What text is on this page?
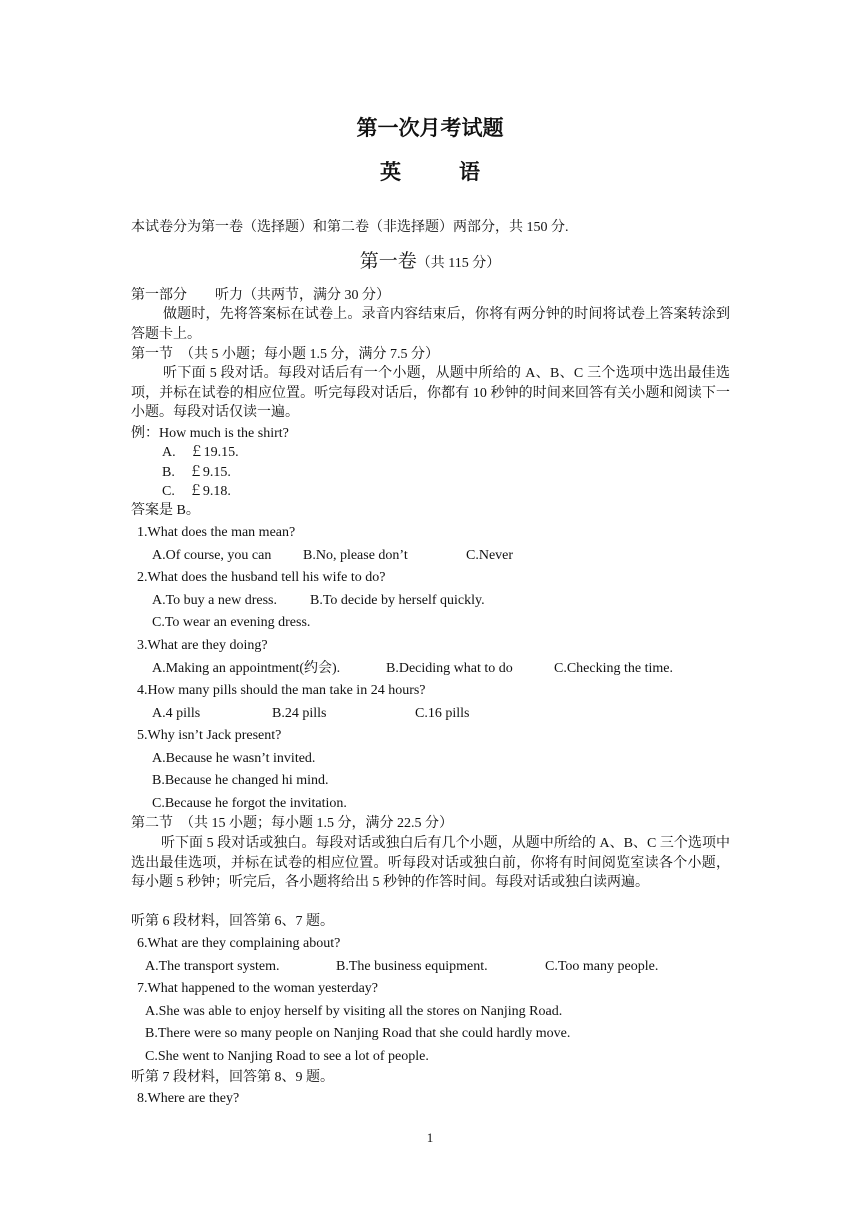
第一次月考试题
英	语
本试卷分为第一卷（选择题）和第二卷（非选择题）两部分，共 150 分.
第一卷（共 115 分）
第一部分　　听力（共两节，满分 30 分）
做题时，先将答案标在试卷上。录音内容结束后，你将有两分钟的时间将试卷上答案转涂到答题卡上。
第一节　（共 5 小题；每小题 1.5 分，满分 7.5 分）
听下面 5 段对话。每段对话后有一个小题，从题中所给的 A、B、C 三个选项中选出最佳选项，并标在试卷的相应位置。听完每段对话后，你都有 10 秒钟的时间来回答有关小题和阅读下一小题。每段对话仅读一遍。
例：How much is the shirt?
A.　￡19.15.
B.　￡9.15.
C.　￡9.18.
答案是 B。
1.What does the man mean?
A.Of course, you can B.No, please don’t	C.Never
2.What does the husband tell his wife to do?
A.To buy a new dress. B.To decide by herself quickly.
C.To wear an evening dress.
3.What are they doing?
A.Making an appointment(约会).	B.Deciding what to do	C.Checking the time.
4.How many pills should the man take in 24 hours?
A.4 pills	B.24 pills	C.16 pills
5.Why isn’t Jack present?
A.Because he wasn’t invited.
B.Because he changed hi mind.
C.Because he forgot the invitation.
第二节　（共 15 小题；每小题 1.5 分，满分 22.5 分）
听下面 5 段对话或独白。每段对话或独白后有几个小题，从题中所给的 A、B、C 三个选项中选出最佳选项，并标在试卷的相应位置。听每段对话或独白前，你将有时间阅览室读各个小题，每小题 5 秒钟；听完后，各小题将给出 5 秒钟的作答时间。每段对话或独白读两遍。
听第 6 段材料，回答第 6、7 题。
6.What are they complaining about?
A.The transport system.	B.The business equipment.	C.Too many people.
7.What happened to the woman yesterday?
A.She was able to enjoy herself by visiting all the stores on Nanjing Road.
B.There were so many people on Nanjing Road that she could hardly move.
C.She went to Nanjing Road to see a lot of people.
听第 7 段材料，回答第 8、9 题。
8.Where are they?
1
